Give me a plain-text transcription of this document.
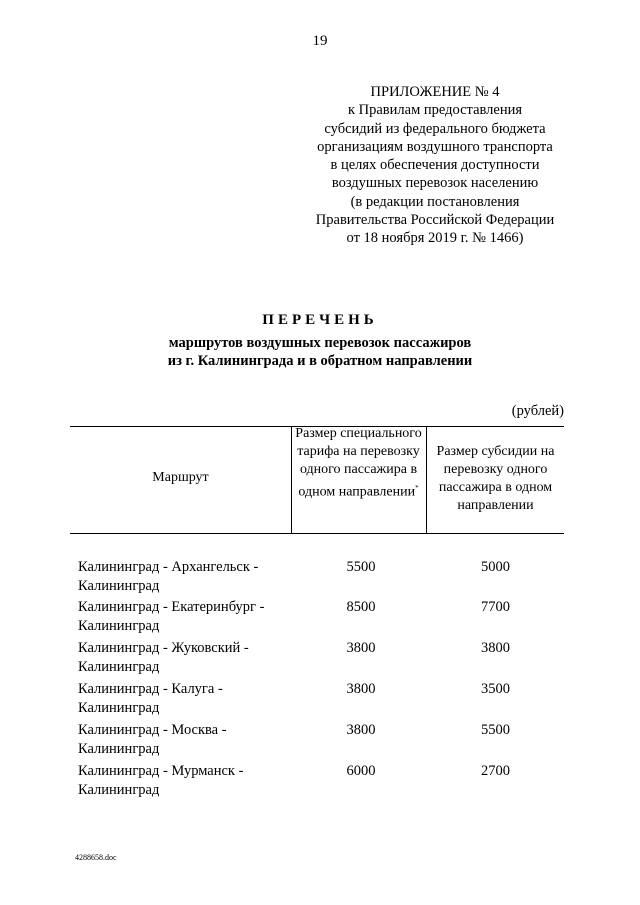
19
ПРИЛОЖЕНИЕ № 4
к Правилам предоставления
субсидий из федерального бюджета
организациям воздушного транспорта
в целях обеспечения доступности
воздушных перевозок населению
(в редакции постановления
Правительства Российской Федерации
от 18 ноября 2019 г. № 1466)
ПЕРЕЧЕНЬ
маршрутов воздушных перевозок пассажиров
из г. Калининграда и в обратном направлении
(рублей)
Маршрут
Размер специального тарифа на перевозку одного пассажира в одном направлении*
Размер субсидии на перевозку одного пассажира в одном направлении
Калининград - Архангельск -
Калининград
5500	5000
Калининград - Екатеринбург -
Калининград
8500	7700
Калининград - Жуковский -
Калининград
3800	3800
Калининград - Калуга -
Калининград
3800	3500
Калининград - Москва -
Калининград
3800	5500
Калининград - Мурманск -
Калининград
6000	2700
4288658.doc
